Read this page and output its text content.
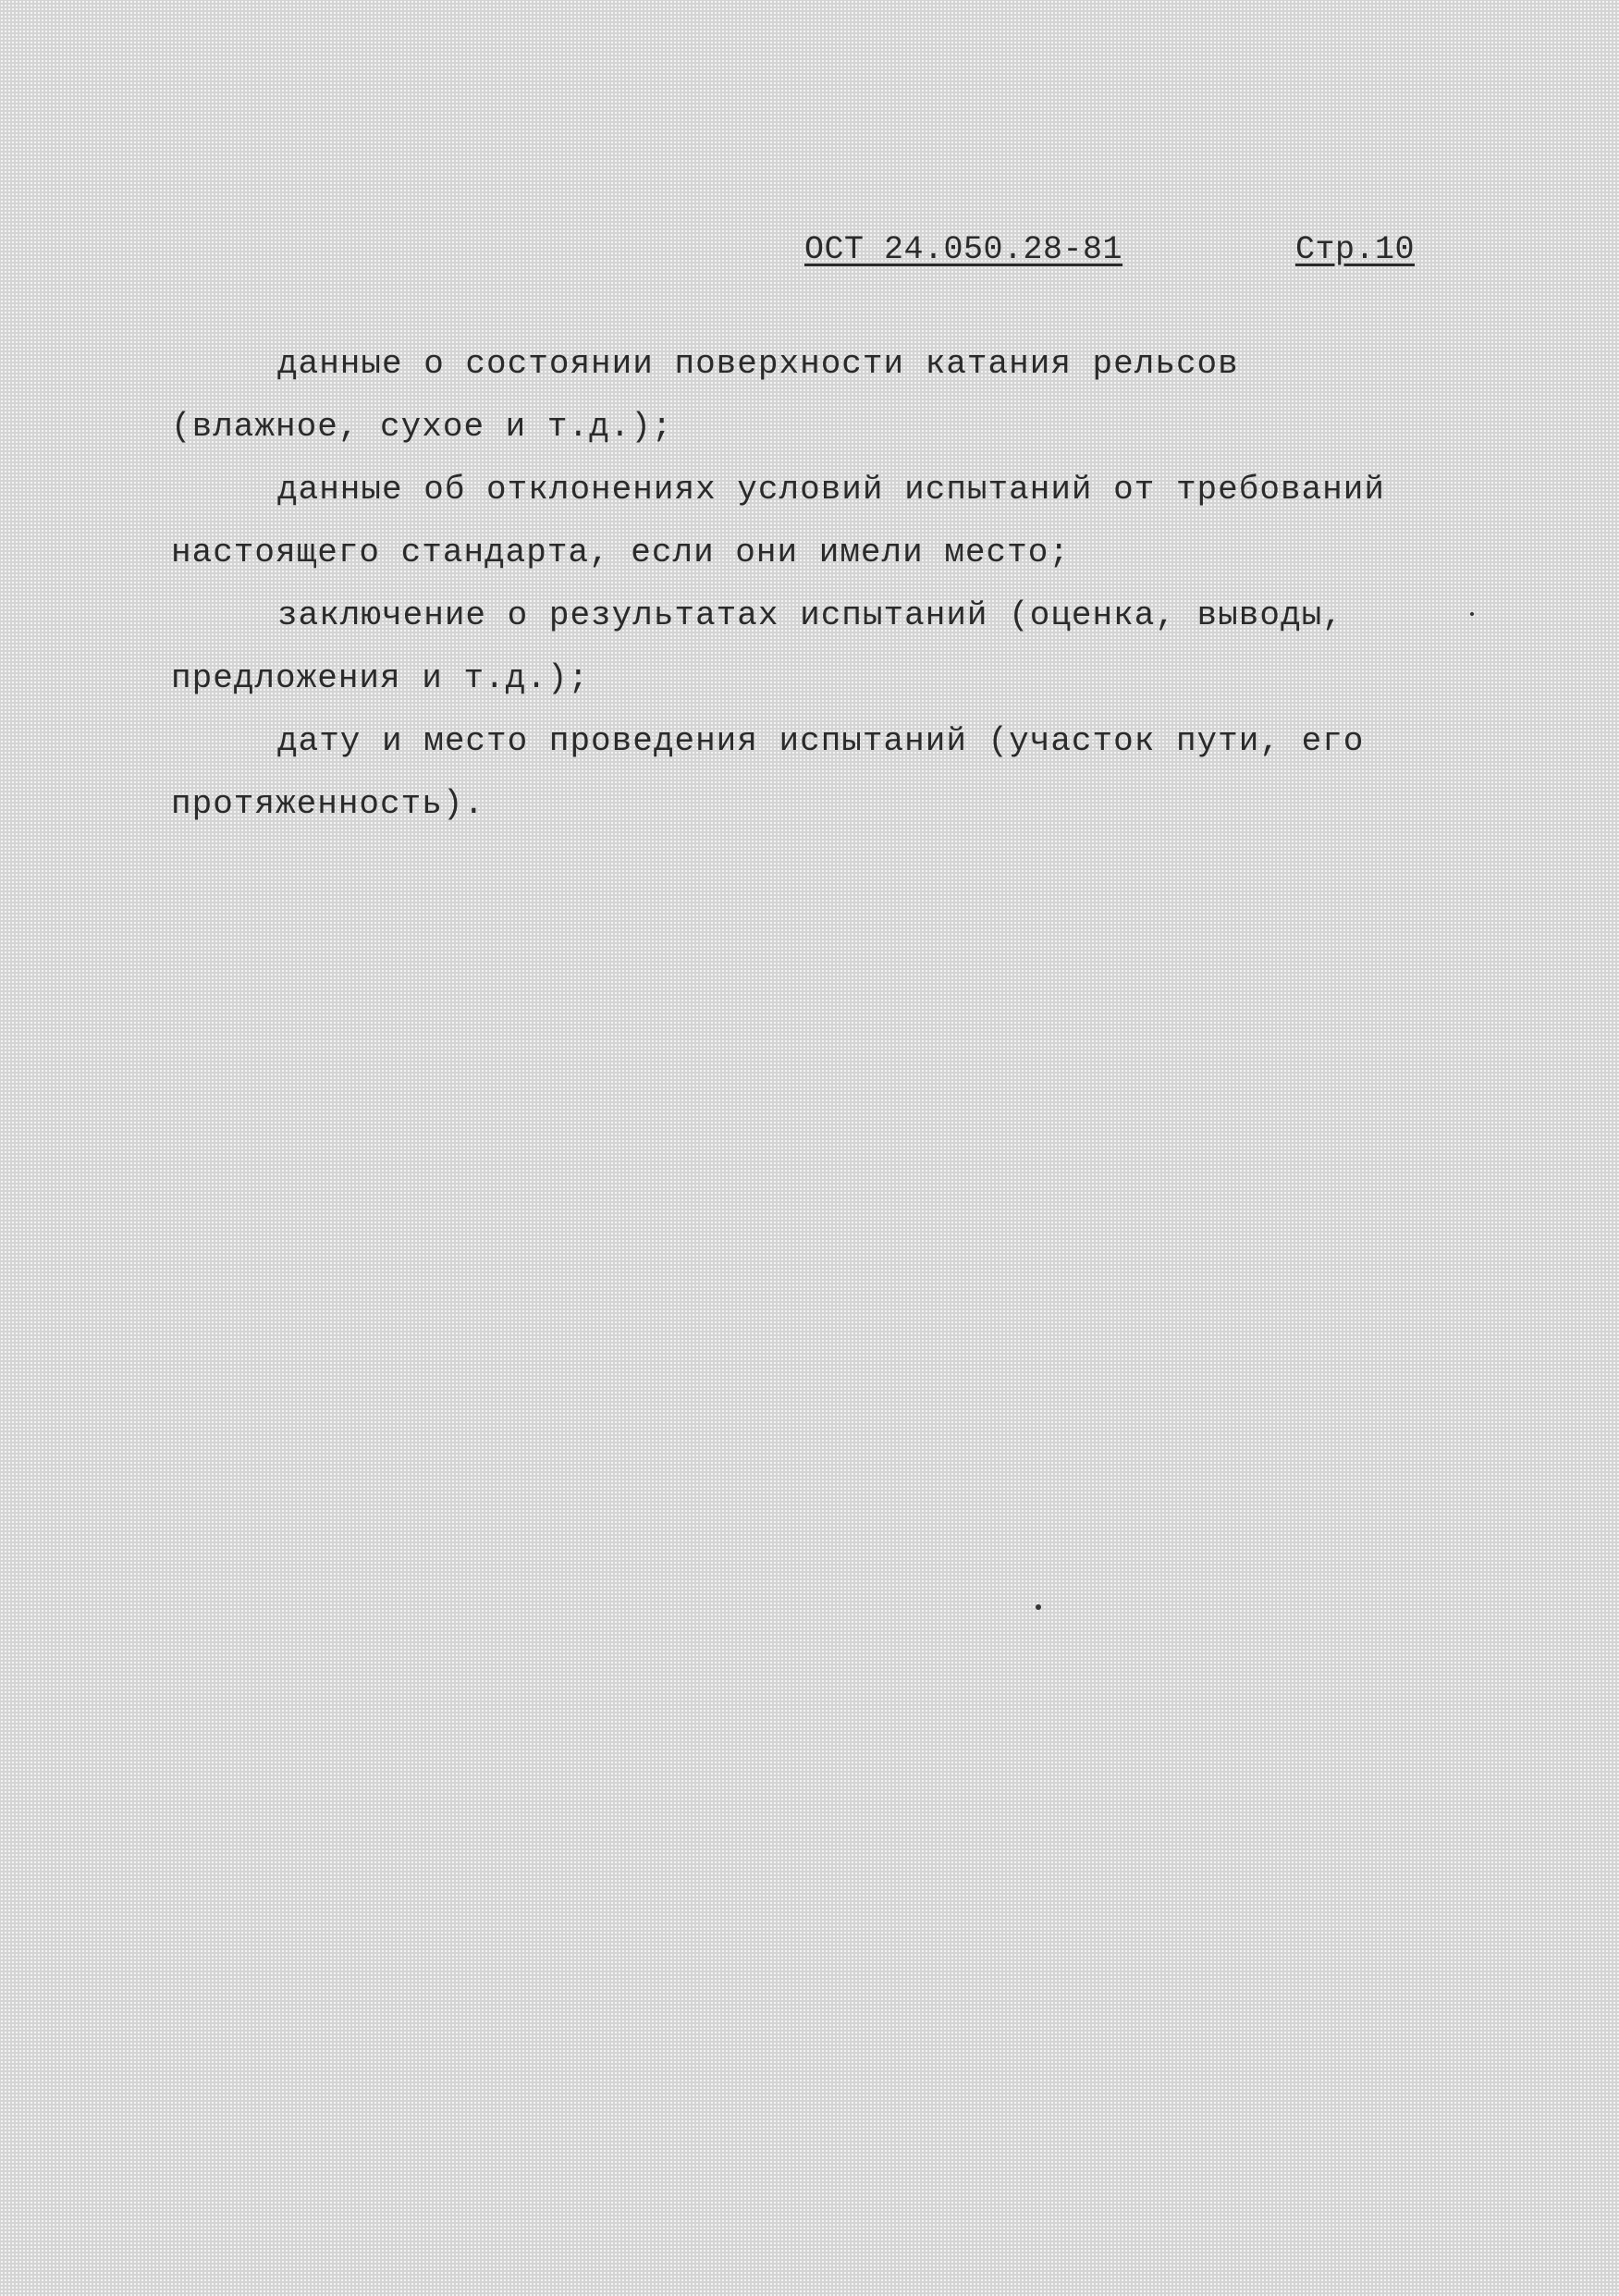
ОСТ 24.050.28-81	Стр.10

данные о состоянии поверхности катания рельсов (влажное, сухое и т.д.);

данные об отклонениях условий испытаний от требований настоящего стандарта, если они имели место;

заключение о результатах испытаний (оценка, выводы, предложения и т.д.);

дату и место проведения испытаний (участок пути, его протяженность).
